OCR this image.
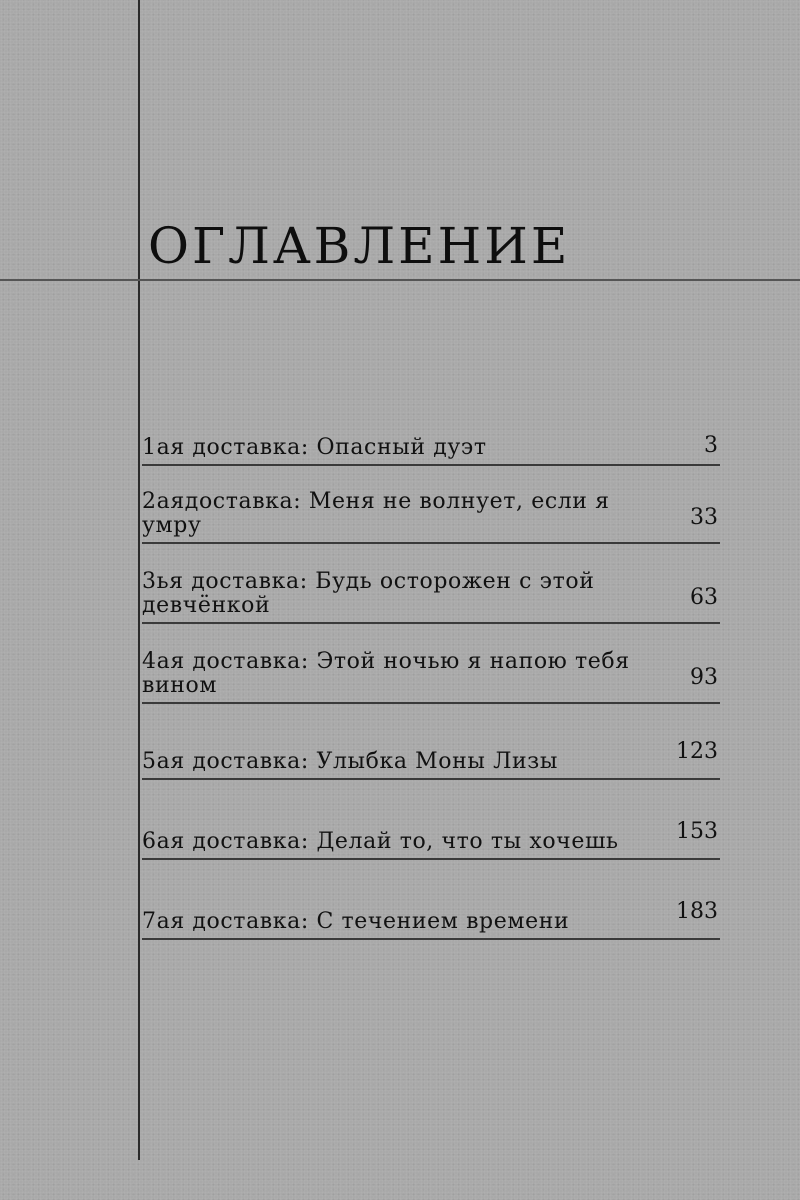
ОГЛАВЛЕНИЕ
1ая доставка: Опасный дуэт	3
2аядоставка: Меня не волнует, если я умру	33
3ья доставка: Будь осторожен с этой девчёнкой	63
4ая доставка: Этой ночью я напою тебя вином	93
5ая доставка: Улыбка Моны Лизы	123
6ая доставка: Делай то, что ты хочешь	153
7ая доставка: С течением времени	183
